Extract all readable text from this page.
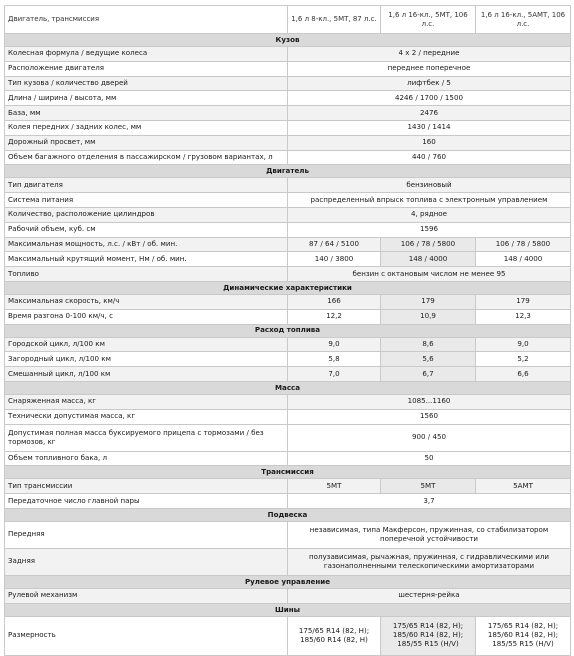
Двигатель, трансмиссия	1,6 л 8-кл., 5МТ, 87 л.с.	1,6 л 16-кл., 5МТ, 106 л.с.	1,6 л 16-кл., 5АМТ, 106 л.с.
Кузов			
Колесная формула / ведущие колеса	4 x 2 / передние		
Расположение двигателя	переднее поперечное		
Тип кузова / количество дверей	лифтбек / 5		
Длина / ширина / высота, мм	4246 / 1700 / 1500		
База, мм	2476		
Колея передних / задних колес, мм	1430 / 1414		
Дорожный просвет, мм	160		
Объем багажного отделения в пассажирском / грузовом вариантах, л	440 / 760		
Двигатель			
Тип двигателя	бензиновый		
Система питания	распределенный впрыск топлива с электронным управлением		
Количество, расположение цилиндров	4, рядное		
Рабочий объем, куб. см	1596		
Максимальная мощность, л.с. / кВт / об. мин.	87 / 64 / 5100	106 / 78 / 5800	106 / 78 / 5800
Максимальный крутящий момент, Нм / об. мин.	140 / 3800	148 / 4000	148 / 4000
Топливо	бензин с октановым числом не менее 95		
Динамические характеристики			
Максимальная скорость, км/ч	166	179	179
Время разгона 0-100 км/ч, с	12,2	10,9	12,3
Расход топлива			
Городской цикл, л/100 км	9,0	8,6	9,0
Загородный цикл, л/100 км	5,8	5,6	5,2
Смешанный цикл, л/100 км	7,0	6,7	6,6
Масса			
Снаряженная масса, кг	1085...1160		
Технически допустимая масса, кг	1560		
Допустимая полная масса буксируемого прицепа с тормозами / без тормозов, кг	900 / 450		
Объем топливного бака, л	50		
Трансмиссия			
Тип трансмиссии	5МТ	5МТ	5АМТ
Передаточное число главной пары	3,7		
Подвеска			
Передняя	независимая, типа Макферсон, пружинная, со стабилизатором поперечной устойчивости		
Задняя	полузависимая, рычажная, пружинная, с гидравлическими или газонаполненными телескопическими амортизаторами		
Рулевое управление			
Рулевой механизм	шестерня-рейка		
Шины			
Размерность	175/65 R14 (82, H); 185/60 R14 (82, H)	175/65 R14 (82, H); 185/60 R14 (82, H); 185/55 R15 (H/V)	175/65 R14 (82, H); 185/60 R14 (82, H); 185/55 R15 (H/V)
